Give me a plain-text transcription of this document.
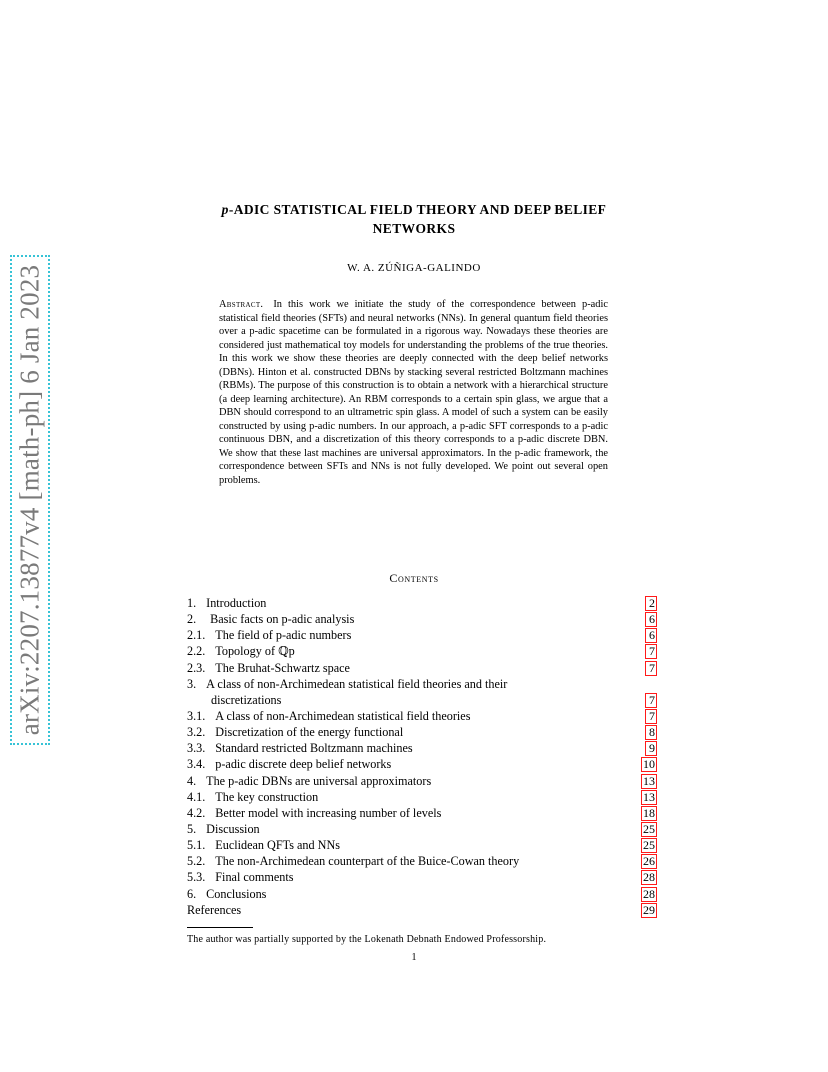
arXiv:2207.13877v4 [math-ph] 6 Jan 2023
p-ADIC STATISTICAL FIELD THEORY AND DEEP BELIEF
NETWORKS
W. A. ZÚÑIGA-GALINDO
Abstract. In this work we initiate the study of the correspondence between p-adic statistical field theories (SFTs) and neural networks (NNs). In general quantum field theories over a p-adic spacetime can be formulated in a rigorous way. Nowadays these theories are considered just mathematical toy models for understanding the problems of the true theories. In this work we show these theories are deeply connected with the deep belief networks (DBNs). Hinton et al. constructed DBNs by stacking several restricted Boltzmann machines (RBMs). The purpose of this construction is to obtain a network with a hierarchical structure (a deep learning architecture). An RBM corresponds to a certain spin glass, we argue that a DBN should correspond to an ultrametric spin glass. A model of such a system can be easily constructed by using p-adic numbers. In our approach, a p-adic SFT corresponds to a p-adic continuous DBN, and a discretization of this theory corresponds to a p-adic discrete DBN. We show that these last machines are universal approximators. In the p-adic framework, the correspondence between SFTs and NNs is not fully developed. We point out several open problems.
Contents
1. Introduction	2
2. Basic facts on p-adic analysis	6
2.1. The field of p-adic numbers	6
2.2. Topology of ℚp	7
2.3. The Bruhat-Schwartz space	7
3. A class of non-Archimedean statistical field theories and their
discretizations	7
3.1. A class of non-Archimedean statistical field theories	7
3.2. Discretization of the energy functional	8
3.3. Standard restricted Boltzmann machines	9
3.4. p-adic discrete deep belief networks	10
4. The p-adic DBNs are universal approximators	13
4.1. The key construction	13
4.2. Better model with increasing number of levels	18
5. Discussion	25
5.1. Euclidean QFTs and NNs	25
5.2. The non-Archimedean counterpart of the Buice-Cowan theory	26
5.3. Final comments	28
6. Conclusions	28
References	29
The author was partially supported by the Lokenath Debnath Endowed Professorship.
1
